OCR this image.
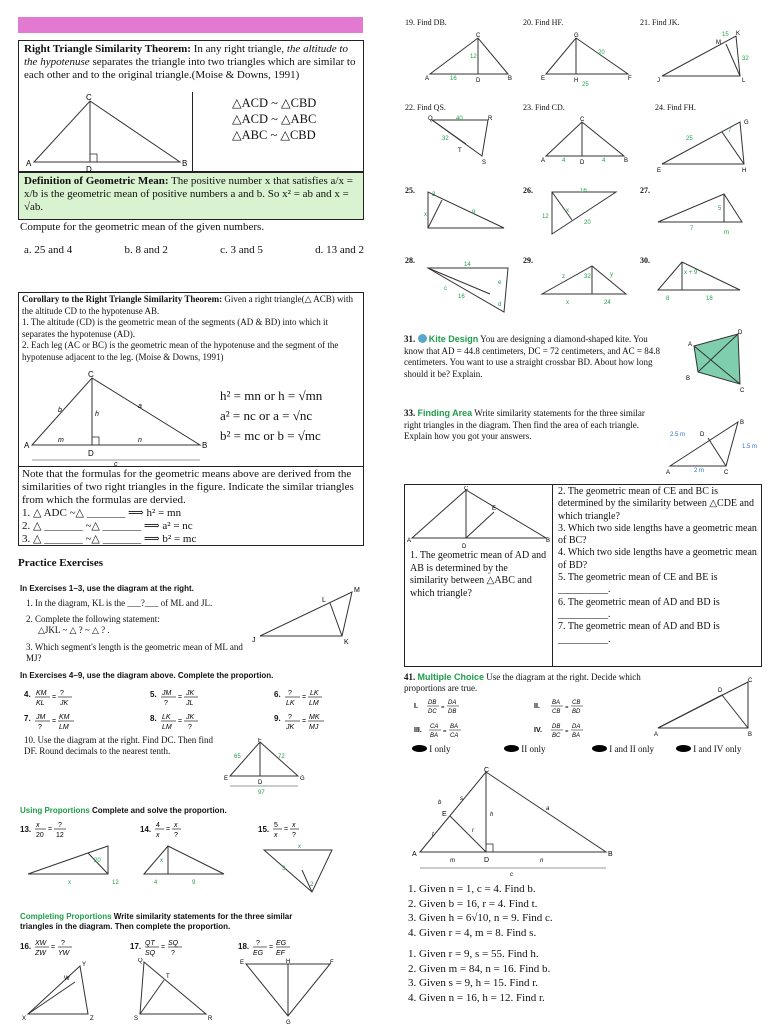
Right Triangle Similarity Theorem: In any right triangle, the altitude to the hypotenuse separates the triangle into two triangles which are similar to each other and to the original triangle.(Moise & Downs, 1991)
C
A	B
D
△ACD ~ △CBD
△ACD ~ △ABC
△ABC ~ △CBD
Definition of Geometric Mean: The positive number x that satisfies a/x = x/b is the geometric mean of positive numbers a and b. So x² = ab and x = √ab.
Compute for the geometric mean of the given numbers.
a. 25 and 4	b. 8 and 2	c. 3 and 5	d. 13 and 2
Corollary to the Right Triangle Similarity Theorem: Given a right triangle(△ ACB) with the altitude CD to the hypotenuse AB.
1. The altitude (CD) is the geometric mean of the segments (AD & BD) into which it separates the hypotenuse (AD).
2. Each leg (AC or BC) is the geometric mean of the hypotenuse and the segment of the hypotenuse adjacent to the leg. (Moise & Downs, 1991)
C
A	B
D
b
a
h
m	n
c
h² = mn or h = √mn
a² = nc or a = √nc
b² = mc or b = √mc
Note that the formulas for the geometric means above are derived from the similarities of two right triangles in the figure. Indicate the similar triangles from which the formulas are dervied.
1. △ ADC ~△ _______ ⟹ h² = mn
2. △ _______ ~△ _______ ⟹ a² = nc
3. △ _______ ~△ _______ ⟹ b² = mc
Practice Exercises
In Exercises 1–3, use the diagram at the right.
1. In the diagram, KL is the ___?___ of ML and JL.
2. Complete the following statement:
△JKL ~ △ ? ~ △ ? .
3. Which segment's length is the geometric mean of ML and MJ?
J
M
K
L
In Exercises 4–9, use the diagram above. Complete the proportion.
4. KM
KL
=
?
JK
5. JM
?
=
JK
JL
6. ?
LK
=
LK
LM
7. JM
?
=
KM
LM
8. LK
LM
=
JK
?
9. ?
JK
=
MK
MJ
10. Use the diagram at the right. Find DC. Then find DF. Round decimals to the nearest tenth.
F
E
D
G
65	72
97
Using Proportions Complete and solve the proportion.
13. x
20
=
?
12
14. 4
x
=
x
?
15. 5
x
=
x
?
20
x	12
x
4	9
x
3
2
Completing Proportions Write similarity statements for the three similar triangles in the diagram. Then complete the proportion.
16. XW
ZW
=
?
YW
17. QT
SQ
=
SQ
?
18. ?
EG
=
EG
EF
Y
X	Z
W
Q
S	R
T
E	H	F
G
19. Find DB.	20. Find HF.	21. Find JK.
C
A	D	B
16
12
G
E	H	F
20
25
M
K
J	L
15
32
22. Find QS.	23. Find CD.	24. Find FH.
Q	R
S
T
40
32
C
A	D	B
4	4
G
E	H
25
7
25.	26.	27.
3
x	9
16
12
x
20
5
7
m
28.	29.	30.
14
e
16
c
d
z	32	y
x	24
x + 9
8	18
31. Kite Design You are designing a diamond-shaped kite. You know that AD = 44.8 centimeters, DC = 72 centimeters, and AC = 84.8 centimeters. You want to use a straight crossbar BD. About how long should it be? Explain.
A
D
C
B
33. Finding Area Write similarity statements for the three similar right triangles in the diagram. Then find the area of each triangle. Explain how you got your answers.
B
A	C
D
2.5 m
1.5 m
2 m
C
A
D
B
E
1. The geometric mean of AD and AB is determined by the similarity between △ABC and which triangle?
2. The geometric mean of CE and BC is determined by the similarity between △CDE and which triangle?
3. Which two side lengths have a geometric mean of BC?
4. Which two side lengths have a geometric mean of BD?
5. The geometric mean of CE and BE is __________.
6. The geometric mean of AD and BD is __________.
7. The geometric mean of AD and BD is __________.
41. Multiple Choice Use the diagram at the right. Decide which proportions are true.
I. DB
DC
=
DA
DB
II. BA
CB
=
CB
BD
III. CA
BA
=
BA
CA
IV. DB
BC
=
DA
BA
C
A	B
D
I only	II only	I and II only	I and IV only
C
A	B
D
E
b
s
t
r
h
a
m	n
c
1. Given n = 1, c = 4. Find b.
2. Given b = 16, r = 4. Find t.
3. Given h = 6√10, n = 9. Find c.
4. Given r = 4, m = 8. Find s.
1. Given r = 9, s = 55. Find h.
2. Given m = 84, n = 16. Find b.
3. Given s = 9, h = 15. Find r.
4. Given n = 16, h = 12. Find r.
